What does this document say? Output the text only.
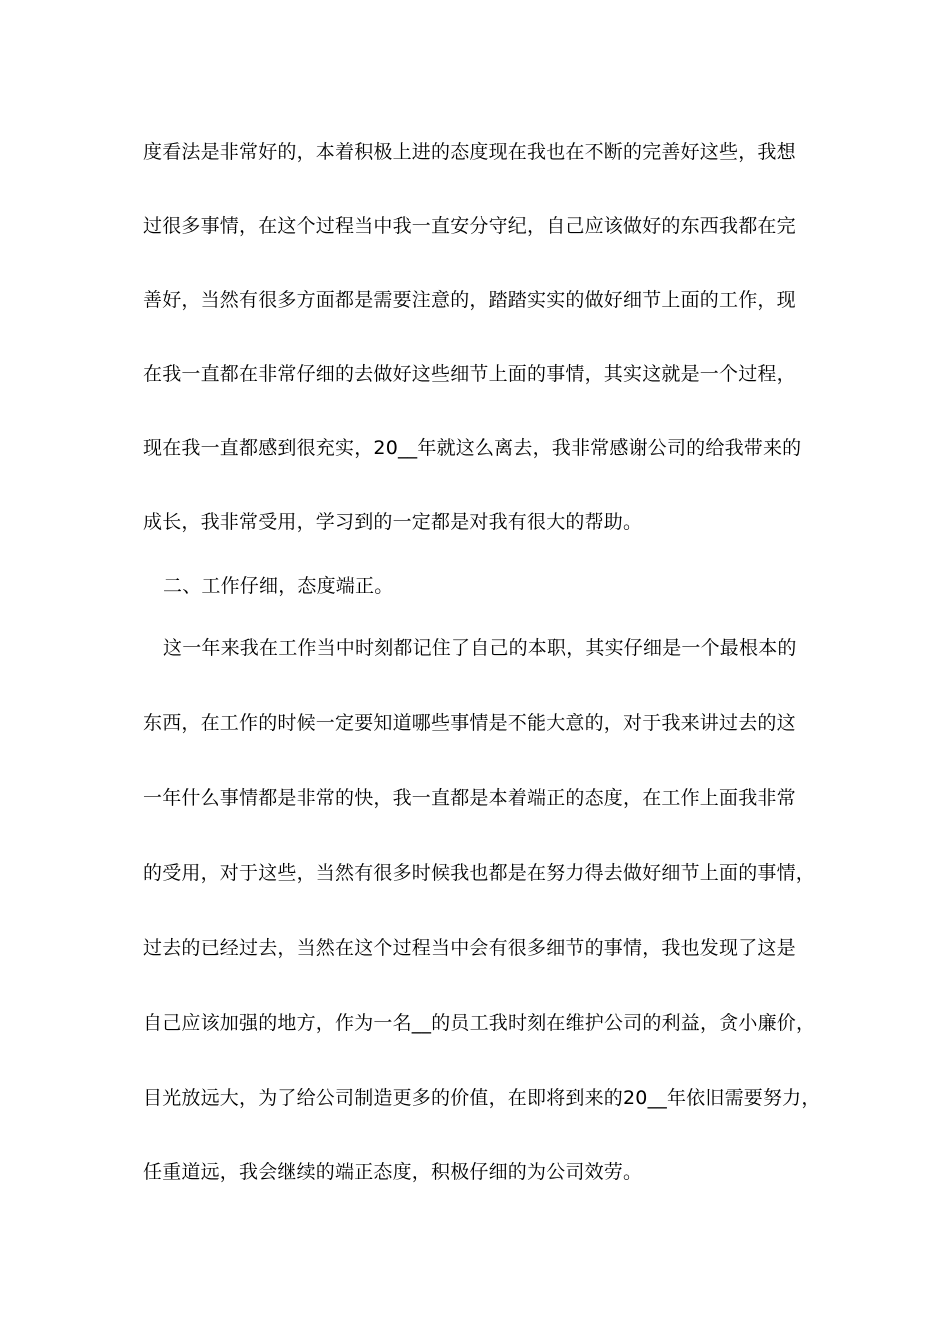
度看法是非常好的，本着积极上进的态度现在我也在不断的完善好这些，我想
过很多事情，在这个过程当中我一直安分守纪，自己应该做好的东西我都在完
善好，当然有很多方面都是需要注意的，踏踏实实的做好细节上面的工作，现
在我一直都在非常仔细的去做好这些细节上面的事情，其实这就是一个过程，
现在我一直都感到很充实，20__年就这么离去，我非常感谢公司的给我带来的
成长，我非常受用，学习到的一定都是对我有很大的帮助。
二、工作仔细，态度端正。
这一年来我在工作当中时刻都记住了自己的本职，其实仔细是一个最根本的
东西，在工作的时候一定要知道哪些事情是不能大意的，对于我来讲过去的这
一年什么事情都是非常的快，我一直都是本着端正的态度，在工作上面我非常
的受用，对于这些，当然有很多时候我也都是在努力得去做好细节上面的事情，
过去的已经过去，当然在这个过程当中会有很多细节的事情，我也发现了这是
自己应该加强的地方，作为一名__的员工我时刻在维护公司的利益，贪小廉价，
目光放远大，为了给公司制造更多的价值，在即将到来的20__年依旧需要努力，
任重道远，我会继续的端正态度，积极仔细的为公司效劳。
